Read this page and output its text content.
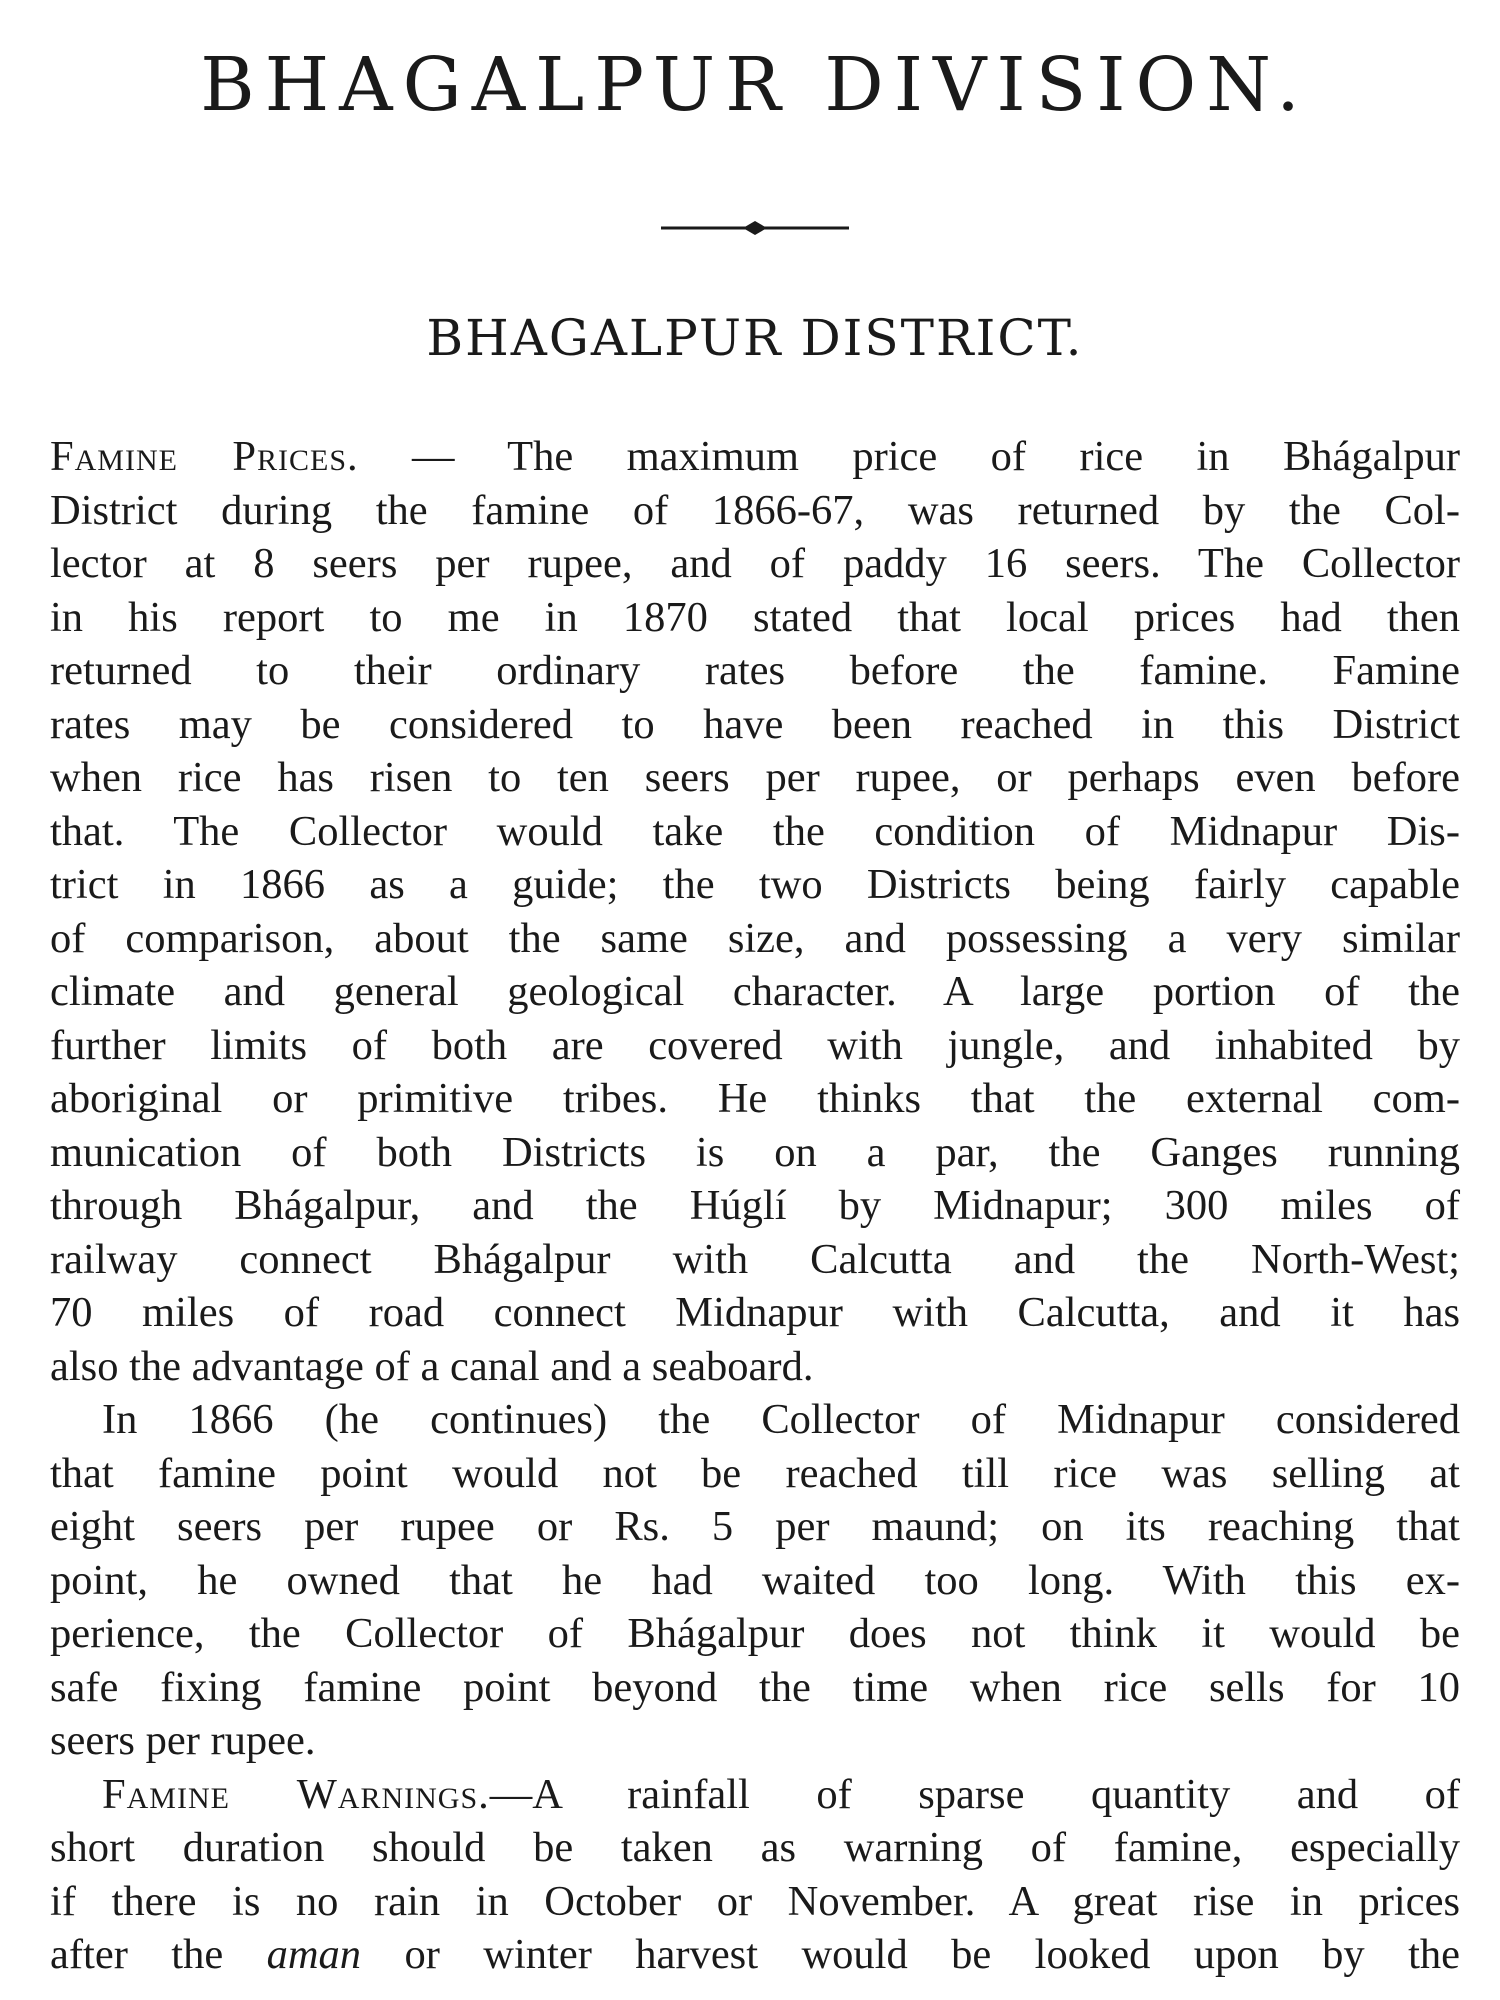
BHAGALPUR DIVISION.
BHAGALPUR DISTRICT.
Famine Prices. — The maximum price of rice in Bhágalpur
District during the famine of 1866-67, was returned by the Col-
lector at 8 seers per rupee, and of paddy 16 seers. The Collector
in his report to me in 1870 stated that local prices had then
returned to their ordinary rates before the famine. Famine
rates may be considered to have been reached in this District
when rice has risen to ten seers per rupee, or perhaps even before
that. The Collector would take the condition of Midnapur Dis-
trict in 1866 as a guide; the two Districts being fairly capable
of comparison, about the same size, and possessing a very similar
climate and general geological character. A large portion of the
further limits of both are covered with jungle, and inhabited by
aboriginal or primitive tribes. He thinks that the external com-
munication of both Districts is on a par, the Ganges running
through Bhágalpur, and the Húglí by Midnapur; 300 miles of
railway connect Bhágalpur with Calcutta and the North-West;
70 miles of road connect Midnapur with Calcutta, and it has
also the advantage of a canal and a seaboard.
In 1866 (he continues) the Collector of Midnapur considered
that famine point would not be reached till rice was selling at
eight seers per rupee or Rs. 5 per maund; on its reaching that
point, he owned that he had waited too long. With this ex-
perience, the Collector of Bhágalpur does not think it would be
safe fixing famine point beyond the time when rice sells for 10
seers per rupee.
Famine Warnings.—A rainfall of sparse quantity and of
short duration should be taken as warning of famine, especially
if there is no rain in October or November. A great rise in prices
after the aman or winter harvest would be looked upon by the
